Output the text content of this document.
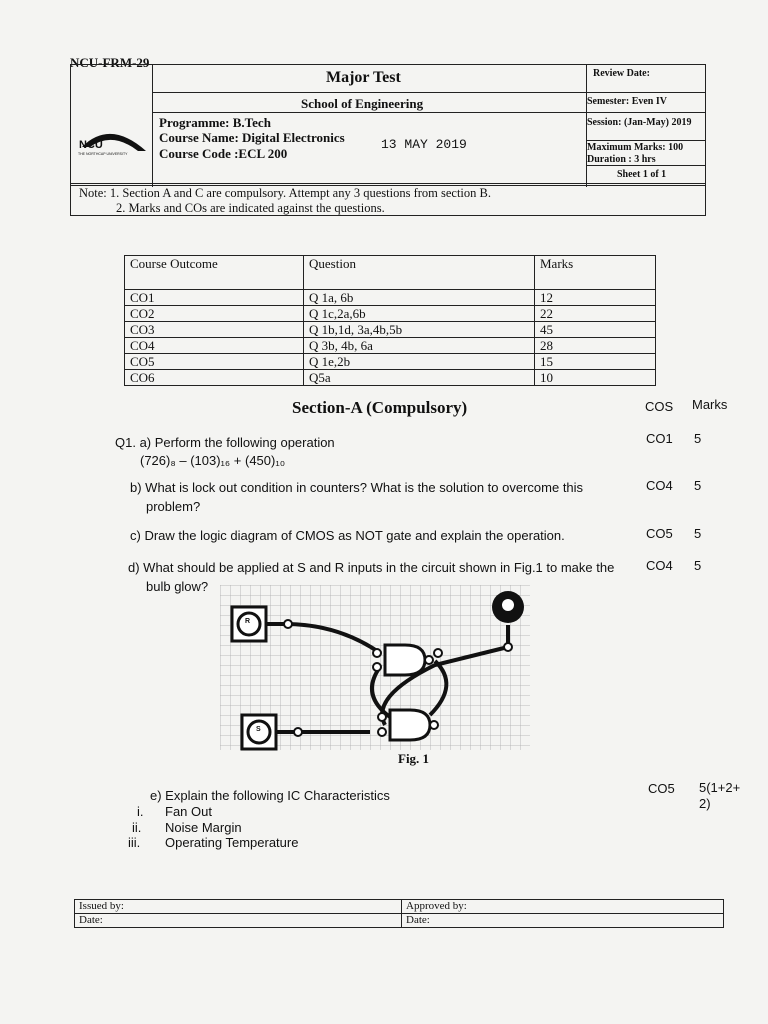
NCU-FRM-29
Major Test
School of Engineering
NCU
THE NORTHCAP UNIVERSITY
Programme: B.Tech
Course Name: Digital Electronics
Course Code :ECL 200
13 MAY 2019
Review Date:
Semester: Even IV
Session: (Jan-May) 2019
Maximum Marks: 100
Duration : 3 hrs
Sheet 1 of 1
Note: 1. Section A and C are compulsory. Attempt any 3 questions from section B.
2. Marks and COs are indicated against the questions.
Course Outcome	Question	Marks
CO1	Q 1a, 6b	12
CO2	Q 1c,2a,6b	22
CO3	Q 1b,1d, 3a,4b,5b	45
CO4	Q 3b, 4b, 6a	28
CO5	Q 1e,2b	15
CO6	Q5a	10
Section-A (Compulsory)	COS Marks
Q1. a) Perform the following operation
(726)₈ – (103)₁₆ + (450)₁₀
CO1 5
b) What is lock out condition in counters? What is the solution to overcome this
problem?
CO4 5
c) Draw the logic diagram of CMOS as NOT gate and explain the operation.	CO5 5
d) What should be applied at S and R inputs in the circuit shown in Fig.1 to make the
bulb glow?
CO4 5
R
S
Fig. 1
e) Explain the following IC Characteristics
i. Fan Out
ii. Noise Margin
iii. Operating Temperature
CO5 5(1+2+
2)
Issued by:	Approved by:
Date:	Date:
